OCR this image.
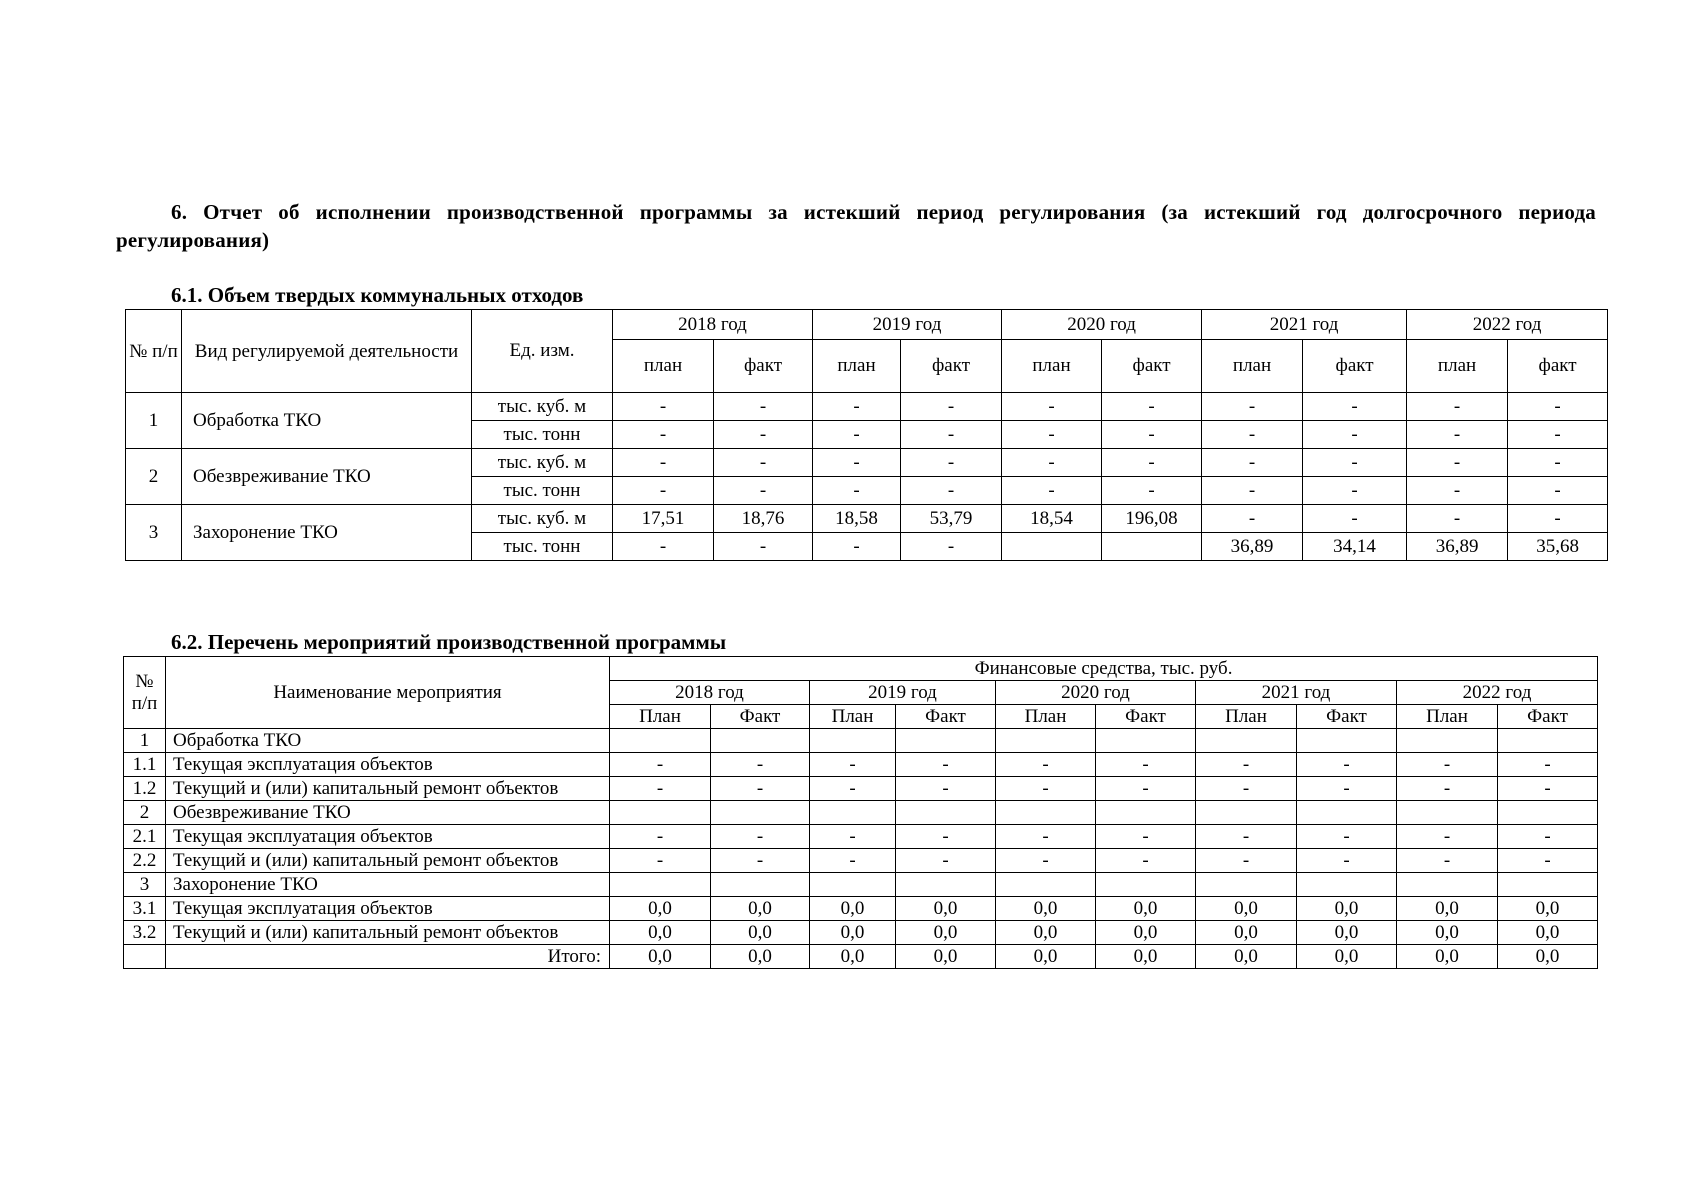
6. Отчет об исполнении производственной программы за истекший период регулирования (за истекший год долгосрочного периода регулирования)
6.1. Объем твердых коммунальных отходов
№ п/п	Вид регулируемой деятельности	Ед. изм.	2018 год		2019 год		2020 год		2021 год		2022 год	
			план	факт	план	факт	план	факт	план	факт	план	факт
1	Обработка ТКО	тыс. куб. м	-	-	-	-	-	-	-	-	-	-
		тыс. тонн	-	-	-	-	-	-	-	-	-	-
2	Обезвреживание ТКО	тыс. куб. м	-	-	-	-	-	-	-	-	-	-
		тыс. тонн	-	-	-	-	-	-	-	-	-	-
3	Захоронение ТКО	тыс. куб. м	17,51	18,76	18,58	53,79	18,54	196,08	-	-	-	-
		тыс. тонн	-	-	-	-			36,89	34,14	36,89	35,68
6.2. Перечень мероприятий производственной программы
№ п/п	Наименование мероприятия	Финансовые средства, тыс. руб.									
		2018 год		2019 год		2020 год		2021 год		2022 год	
		План	Факт	План	Факт	План	Факт	План	Факт	План	Факт
1	Обработка ТКО										
1.1	Текущая эксплуатация объектов	-	-	-	-	-	-	-	-	-	-
1.2	Текущий и (или) капитальный ремонт объектов	-	-	-	-	-	-	-	-	-	-
2	Обезвреживание ТКО										
2.1	Текущая эксплуатация объектов	-	-	-	-	-	-	-	-	-	-
2.2	Текущий и (или) капитальный ремонт объектов	-	-	-	-	-	-	-	-	-	-
3	Захоронение ТКО										
3.1	Текущая эксплуатация объектов	0,0	0,0	0,0	0,0	0,0	0,0	0,0	0,0	0,0	0,0
3.2	Текущий и (или) капитальный ремонт объектов	0,0	0,0	0,0	0,0	0,0	0,0	0,0	0,0	0,0	0,0
	Итого:	0,0	0,0	0,0	0,0	0,0	0,0	0,0	0,0	0,0	0,0
